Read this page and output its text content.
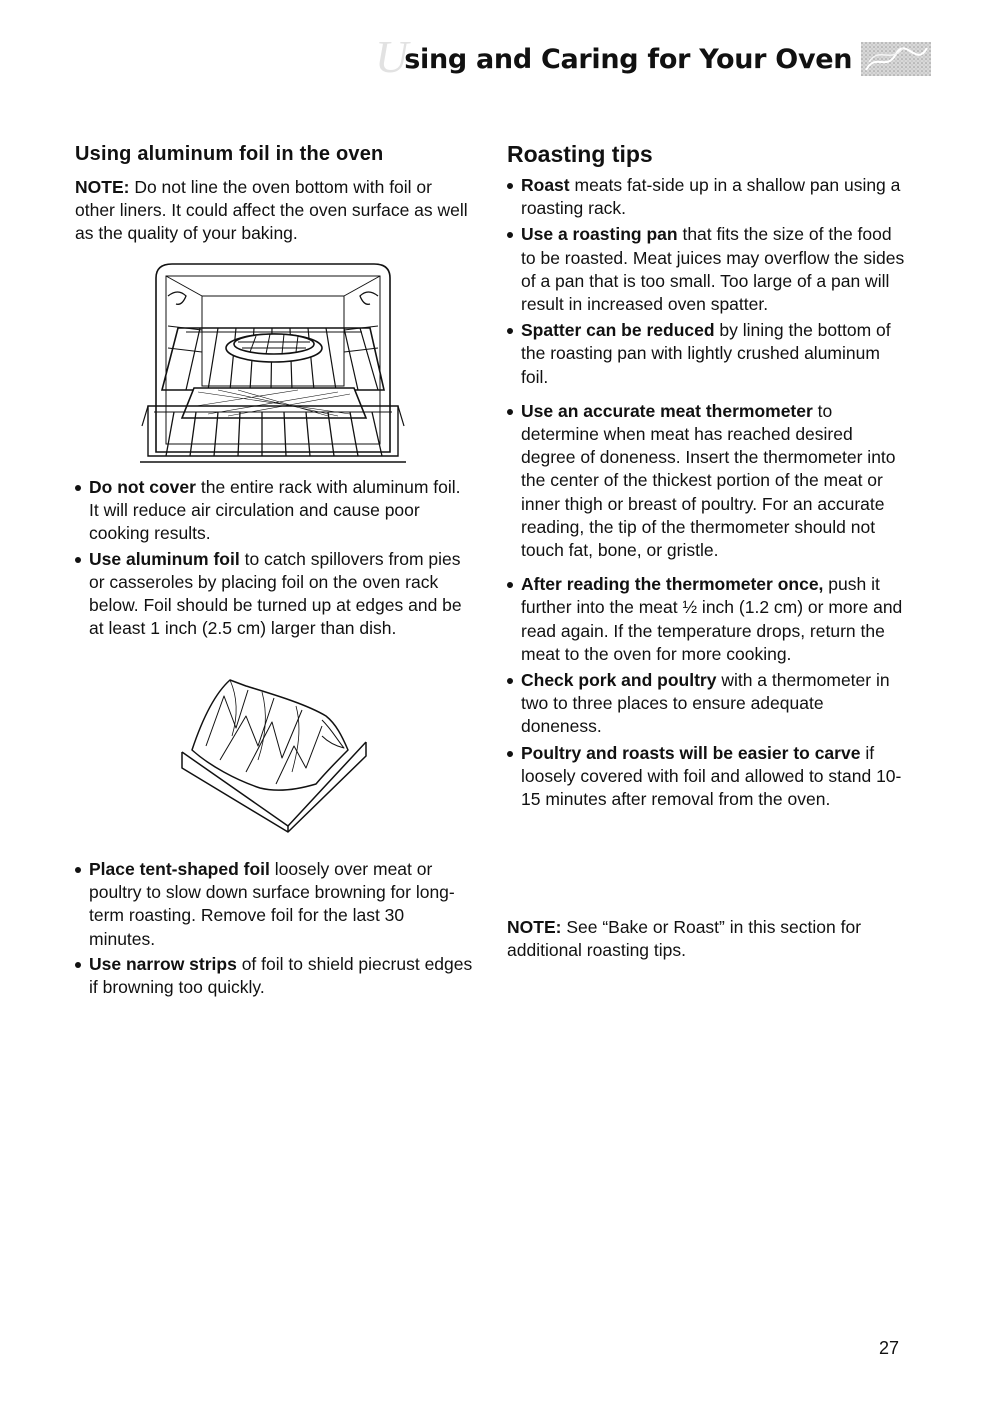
U
sing and Caring for Your Oven
Using aluminum foil in the oven
NOTE: Do not line the oven bottom with foil or other liners. It could affect the oven surface as well as the quality of your baking.
Do not cover the entire rack with aluminum foil. It will reduce air circulation and cause poor cooking results.
Use aluminum foil to catch spillovers from pies or casseroles by placing foil on the oven rack below. Foil should be turned up at edges and be at least 1 inch (2.5 cm) larger than dish.
Place tent-shaped foil loosely over meat or poultry to slow down surface browning for long-term roasting. Remove foil for the last 30 minutes.
Use narrow strips of foil to shield piecrust edges if browning too quickly.
Roasting tips
Roast meats fat-side up in a shallow pan using a roasting rack.
Use a roasting pan that fits the size of the food to be roasted. Meat juices may overflow the sides of a pan that is too small. Too large of a pan will result in increased oven spatter.
Spatter can be reduced by lining the bottom of the roasting pan with lightly crushed aluminum foil.
Use an accurate meat thermometer to determine when meat has reached desired degree of doneness. Insert the thermometer into the center of the thickest portion of the meat or inner thigh or breast of poultry. For an accurate reading, the tip of the thermometer should not touch fat, bone, or gristle.
After reading the thermometer once, push it further into the meat ½ inch (1.2 cm) or more and read again. If the temperature drops, return the meat to the oven for more cooking.
Check pork and poultry with a thermometer in two to three places to ensure adequate doneness.
Poultry and roasts will be easier to carve if loosely covered with foil and allowed to stand 10-15 minutes after removal from the oven.
NOTE: See “Bake or Roast” in this section for additional roasting tips.
27
